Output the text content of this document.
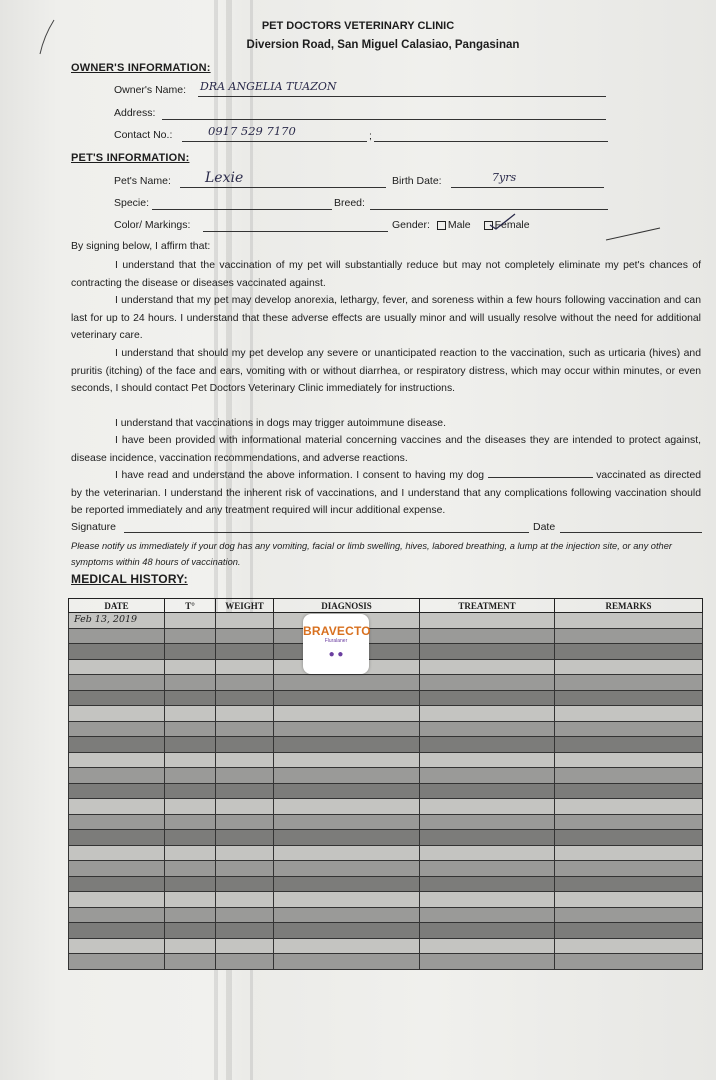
PET DOCTORS VETERINARY CLINIC
Diversion Road, San Miguel Calasiao, Pangasinan
OWNER'S INFORMATION:
Owner's Name: DRA ANGELIA TUAZON
Address:
Contact No.:	0917 529 7170	;
PET'S INFORMATION:
Pet's Name: Lexie	Birth Date:	7yrs
Specie:	Breed:
Color/ Markings:	Gender: Male Female
By signing below, I affirm that:
I understand that the vaccination of my pet will substantially reduce but may not completely eliminate my pet's chances of contracting the disease or diseases vaccinated against.
I understand that my pet may develop anorexia, lethargy, fever, and soreness within a few hours following vaccination and can last for up to 24 hours. I understand that these adverse effects are usually minor and will usually resolve without the need for additional veterinary care.
I understand that should my pet develop any severe or unanticipated reaction to the vaccination, such as urticaria (hives) and pruritis (itching) of the face and ears, vomiting with or without diarrhea, or respiratory distress, which may occur within minutes, or even seconds, I should contact Pet Doctors Veterinary Clinic immediately for instructions.
I understand that vaccinations in dogs may trigger autoimmune disease.
I have been provided with informational material concerning vaccines and the diseases they are intended to protect against, disease incidence, vaccination recommendations, and adverse reactions.
I have read and understand the above information. I consent to having my dog	vaccinated as directed by the veterinarian. I understand the inherent risk of vaccinations, and I understand that any complications following vaccination should be reported immediately and any treatment required will incur additional expense.
Signature	Date
Please notify us immediately if your dog has any vomiting, facial or limb swelling, hives, labored breathing, a lump at the injection site, or any other symptoms within 48 hours of vaccination.
MEDICAL HISTORY:
DATE	T°	WEIGHT	DIAGNOSIS	TREATMENT	REMARKS

Feb 13, 2019
BRAVECTO
Fluralaner
● ●
